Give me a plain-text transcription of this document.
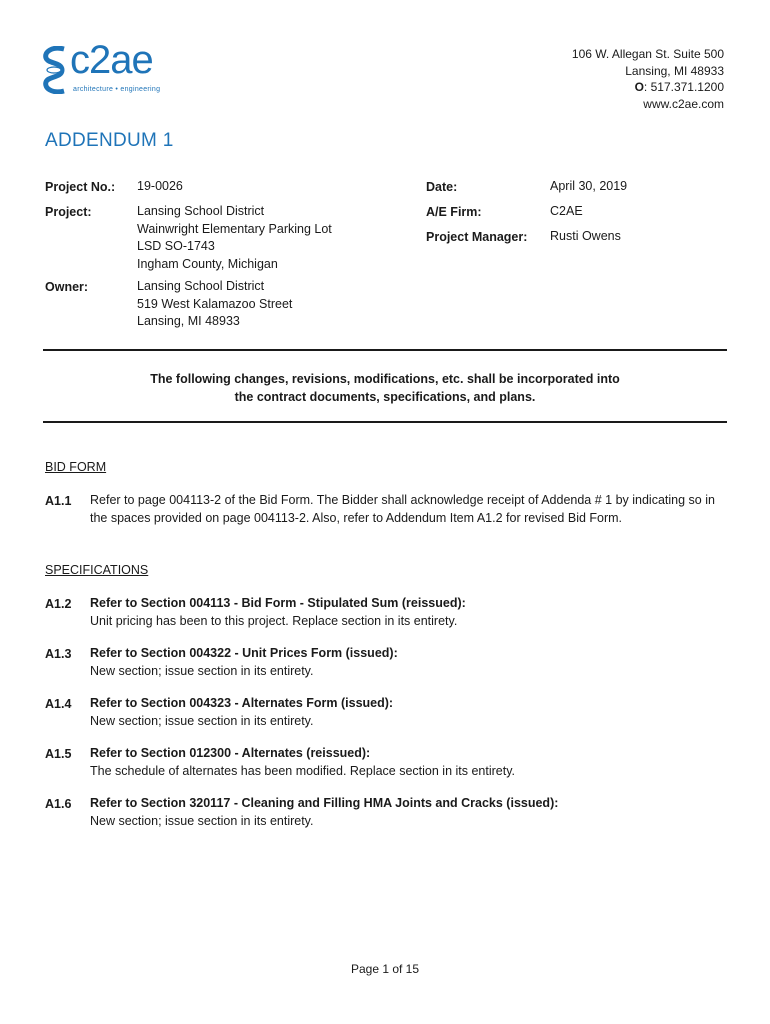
c2ae
architecture • engineering
106 W. Allegan St. Suite 500
Lansing, MI 48933
O: 517.371.1200
www.c2ae.com
ADDENDUM 1
Project No.: 19-0026
Project:	Lansing School District
Wainwright Elementary Parking Lot
LSD SO-1743
Ingham County, Michigan
Owner:	Lansing School District
519 West Kalamazoo Street
Lansing, MI 48933
Date:	April 30, 2019
A/E Firm:	C2AE
Project Manager: Rusti Owens
The following changes, revisions, modifications, etc. shall be incorporated into
the contract documents, specifications, and plans.
BID FORM
A1.1 Refer to page 004113-2 of the Bid Form. The Bidder shall acknowledge receipt of Addenda # 1 by indicating so in the spaces provided on page 004113-2. Also, refer to Addendum Item A1.2 for revised Bid Form.
SPECIFICATIONS
A1.2 Refer to Section 004113 - Bid Form - Stipulated Sum (reissued):
Unit pricing has been to this project. Replace section in its entirety.
A1.3 Refer to Section 004322 - Unit Prices Form (issued):
New section; issue section in its entirety.
A1.4 Refer to Section 004323 - Alternates Form (issued):
New section; issue section in its entirety.
A1.5 Refer to Section 012300 - Alternates (reissued):
The schedule of alternates has been modified. Replace section in its entirety.
A1.6 Refer to Section 320117 - Cleaning and Filling HMA Joints and Cracks (issued):
New section; issue section in its entirety.
Page 1 of 15
